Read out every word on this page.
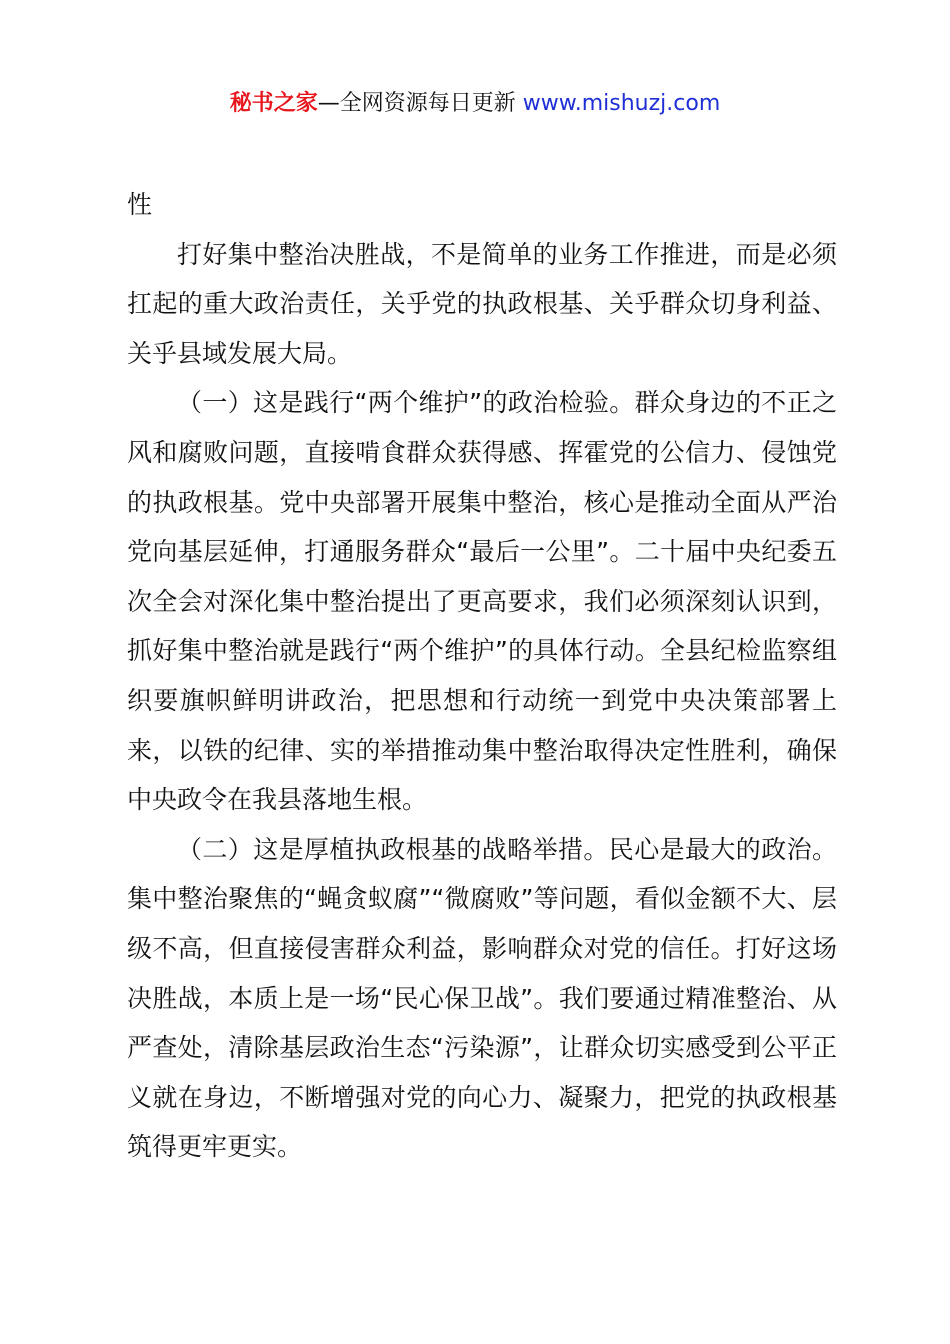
秘书之家—全网资源每日更新 www.mishuzj.com

性

打好集中整治决胜战，不是简单的业务工作推进，而是必须扛起的重大政治责任，关乎党的执政根基、关乎群众切身利益、关乎县域发展大局。

（一）这是践行“两个维护”的政治检验。群众身边的不正之风和腐败问题，直接啃食群众获得感、挥霍党的公信力、侵蚀党的执政根基。党中央部署开展集中整治，核心是推动全面从严治党向基层延伸，打通服务群众“最后一公里”。二十届中央纪委五次全会对深化集中整治提出了更高要求，我们必须深刻认识到，抓好集中整治就是践行“两个维护”的具体行动。全县纪检监察组织要旗帜鲜明讲政治，把思想和行动统一到党中央决策部署上来，以铁的纪律、实的举措推动集中整治取得决定性胜利，确保中央政令在我县落地生根。

（二）这是厚植执政根基的战略举措。民心是最大的政治。集中整治聚焦的“蝇贪蚁腐”“微腐败”等问题，看似金额不大、层级不高，但直接侵害群众利益，影响群众对党的信任。打好这场决胜战，本质上是一场“民心保卫战”。我们要通过精准整治、从严查处，清除基层政治生态“污染源”，让群众切实感受到公平正义就在身边，不断增强对党的向心力、凝聚力，把党的执政根基筑得更牢更实。
